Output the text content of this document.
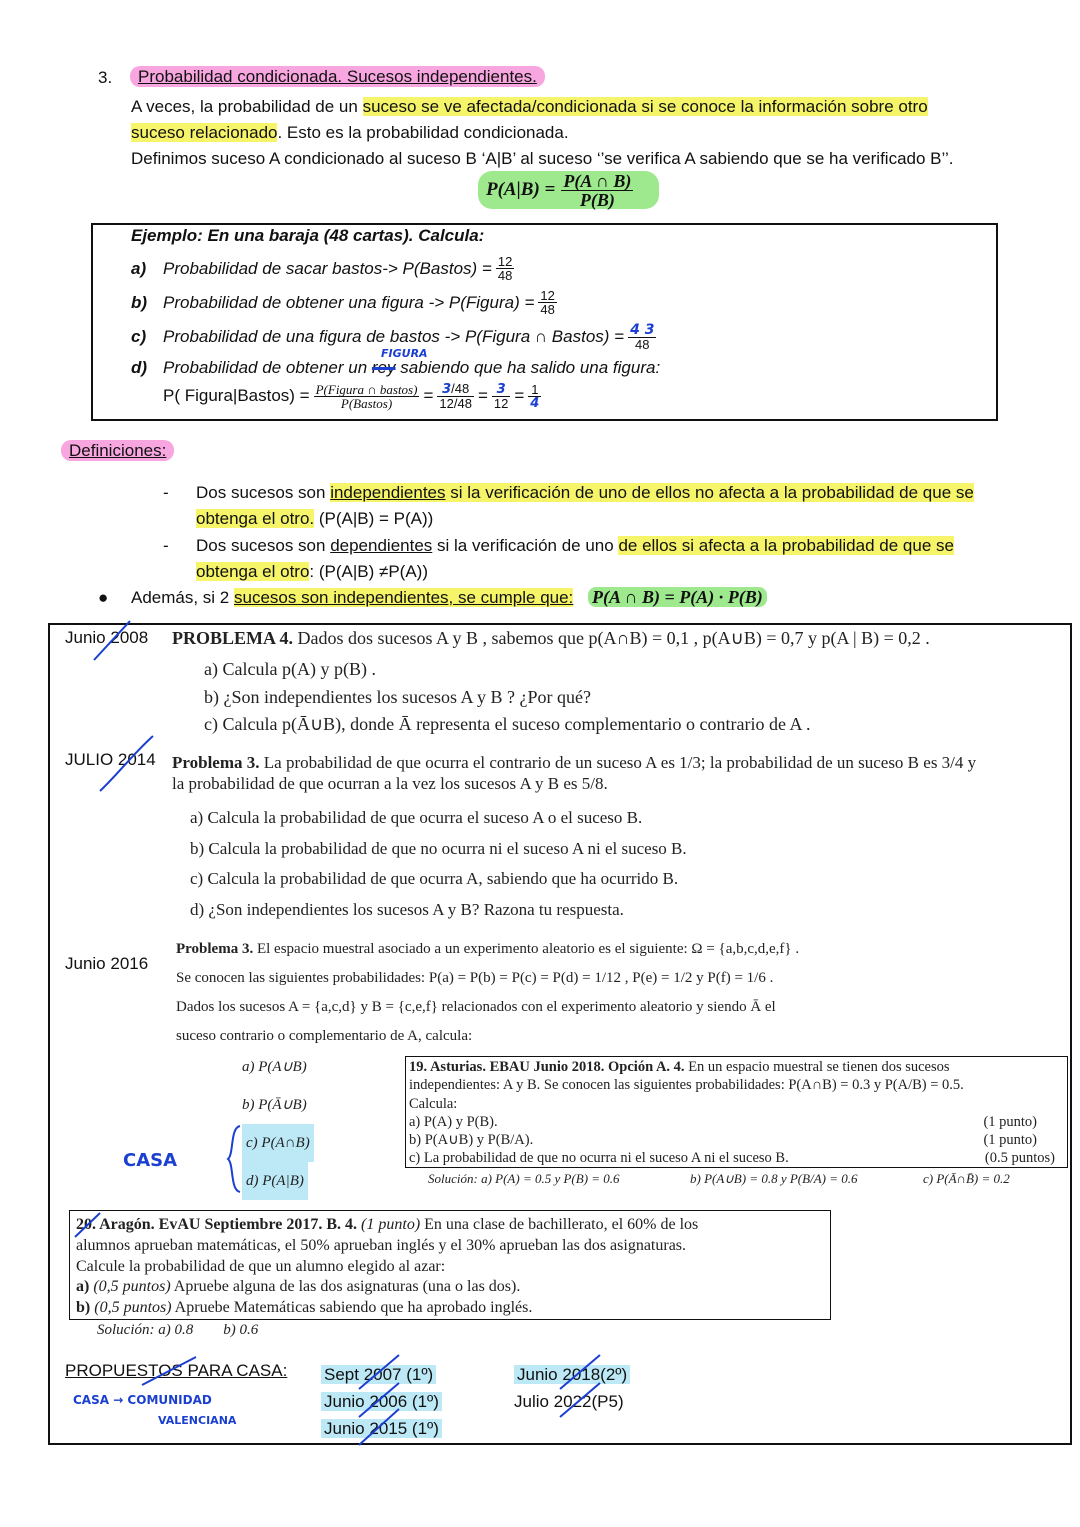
3.	Probabilidad condicionada. Sucesos independientes.
A veces, la probabilidad de un suceso se ve afectada/condicionada si se conoce la información sobre otro
suceso relacionado. Esto es la probabilidad condicionada.
Definimos suceso A condicionado al suceso B ‘A|B’ al suceso ‘’se verifica A sabiendo que se ha verificado B’’.
$P(A|B) = \frac{P(A \cap B)}{P(B)}$
Ejemplo: En una baraja (48 cartas). Calcula:
a) Probabilidad de sacar bastos-> P(Bastos) = $\frac{12}{48}$
b) Probabilidad de obtener una figura -> P(Figura) = $\frac{12}{48}$
c) Probabilidad de una figura de bastos -> P(Figura ∩ Bastos) = $\frac{4 3}{48}$
FIGURA
d) Probabilidad de obtener un rey sabiendo que ha salido una figura:
P( Figura|Bastos) = $\frac{\text{P(Figura ∩ bastos)}}{\text{P(Bastos)}} = \frac{3/48}{12/48} = \frac{3}{12} = \frac{1}{4}$
Definiciones:
- Dos sucesos son independientes si la verificación de uno de ellos no afecta a la probabilidad de que se
obtenga el otro. (P(A|B) = P(A))
- Dos sucesos son dependientes si la verificación de uno de ellos si afecta a la probabilidad de que se
obtenga el otro: (P(A|B) ≠P(A))
● Además, si 2 sucesos son independientes, se cumple que: P(A ∩ B) = P(A) · P(B)
Junio 2008 PROBLEMA 4. Dados dos sucesos A y B , sabemos que p(A∩B) = 0,1 , p(A∪B) = 0,7 y p(A | B) = 0,2 .
a) Calcula p(A) y p(B) .
b) ¿Son independientes los sucesos A y B ? ¿Por qué?
c) Calcula p(Ā∪B), donde Ā representa el suceso complementario o contrario de A .
JULIO 2014 Problema 3. La probabilidad de que ocurra el contrario de un suceso A es 1/3; la probabilidad de un suceso B es 3/4 y
la probabilidad de que ocurran a la vez los sucesos A y B es 5/8.
a) Calcula la probabilidad de que ocurra el suceso A o el suceso B.
b) Calcula la probabilidad de que no ocurra ni el suceso A ni el suceso B.
c) Calcula la probabilidad de que ocurra A, sabiendo que ha ocurrido B.
d) ¿Son independientes los sucesos A y B? Razona tu respuesta.
Junio 2016
Problema 3. El espacio muestral asociado a un experimento aleatorio es el siguiente: Ω = {a,b,c,d,e,f} .
Se conocen las siguientes probabilidades: P(a) = P(b) = P(c) = P(d) = 1/12 , P(e) = 1/2 y P(f) = 1/6 .
Dados los sucesos A = {a,c,d} y B = {c,e,f} relacionados con el experimento aleatorio y siendo Ā el
suceso contrario o complementario de A, calcula:
a) P(A∪B)
b) P(Ā∪B)
c) P(A∩B)
d) P(A|B)
CASA
19. Asturias. EBAU Junio 2018. Opción A. 4. En un espacio muestral se tienen dos sucesos
independientes: A y B. Se conocen las siguientes probabilidades: P(A∩B) = 0.3 y P(A/B) = 0.5.
Calcula:
a) P(A) y P(B).	(1 punto)
b) P(A∪B) y P(B/A).	(1 punto)
c) La probabilidad de que no ocurra ni el suceso A ni el suceso B.	(0.5 puntos)
Solución: a) P(A) = 0.5 y P(B) = 0.6	b) P(A∪B) = 0.8 y P(B/A) = 0.6	c) P(Ā∩B̄) = 0.2
20. Aragón. EvAU Septiembre 2017. B. 4. (1 punto) En una clase de bachillerato, el 60% de los
alumnos aprueban matemáticas, el 50% aprueban inglés y el 30% aprueban las dos asignaturas.
Calcule la probabilidad de que un alumno elegido al azar:
a) (0,5 puntos) Apruebe alguna de las dos asignaturas (una o las dos).
b) (0,5 puntos) Apruebe Matemáticas sabiendo que ha aprobado inglés.
Solución: a) 0.8        b) 0.6
PROPUESTOS PARA CASA:
CASA → COMUNIDAD
VALENCIANA
Sept 2007 (1º)
Junio 2006 (1º)
Junio 2015 (1º)
Junio 2018(2º)
Julio 2022(P5)
